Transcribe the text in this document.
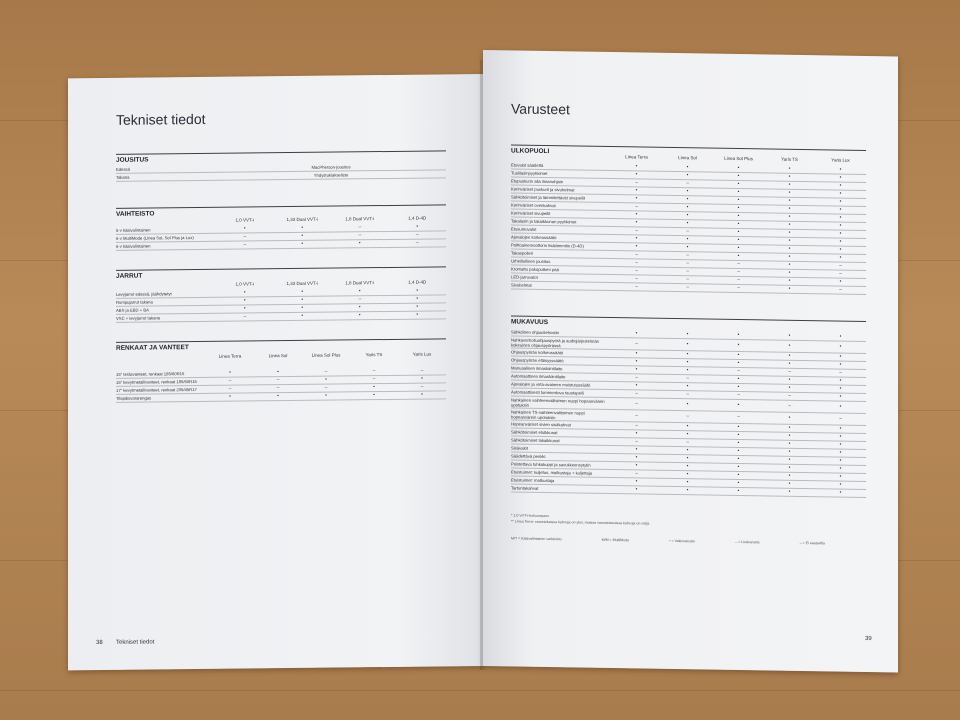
Tekniset tiedot
JOUSITUS
Edessä	MacPherson-jousitus
Takana	Yhdystukiakselisto
VAIHTEISTO
1,0 VVT-i	1,33 Dual VVT-i	1,8 Dual VVT-i	1,4 D-4D
5-v käsivalintainen	•	•	–	•
6-v MultiMode (Linea Sol, Sol Plus ja Lux)	–	•	–	–
6-v käsivalintainen	–	•	•	–
JARRUT
1,0 VVT-i	1,33 Dual VVT-i	1,8 Dual VVT-i	1,4 D-4D
Levyjarrut edessä, jäähdytetyt	•	•	•	•
Rumpujarrut takana	•	•	–	•
ABS ja EBD + BA	•	•	•	•
VSC + levyjarrut takana	–	•	•	•
RENKAAT JA VANTEET
Linea Terra	Linea Sol	Linea Sol Plus	Yaris TS	Yaris Lux
15" teräsvanteet, renkaat 185/60R15	•	•	–	–	–
15" kevytmetallivanteet, renkaat 185/60R15	–	–	•	–	•
17" kevytmetallivanteet, renkaat 205/45R17	–	–	–	•	–
Tilapäisvararengas	•	•	•	•	•
38 Tekniset tiedot
Varusteet
ULKOPUOLI
Linea Terra	Linea Sol	Linea Sol Plus	Yaris TS	Yaris Lux
Etuvalot säädettä	•	•	•	•	•
Tuulilasinpyyhkimet	•	•	•	•	•
Etupuskurin alla ilmanohjain	–	–	•	•	•
Korinväriset puskurit ja sivuhelmat	•	•	•	•	•
Sähkötoimiset ja lämmitettävät sivupeilit	•	•	•	•	•
Korinväriset ovenkahvat	–	•	•	•	•
Korinväriset sivupeilit	•	•	•	•	•
Takalasin ja takaikkunan pyyhkimet	•	•	•	•	•
Etusumuvalot	–	–	•	•	•
Ajovalojen korkeussäätö	•	•	•	•	•
Polttoainemoottorin lisälämmitin (D-4D)	•	•	•	•	•
Takaspoileri	–	–	•	•	•
Urheillullinen jousitus	–	–	–	•	–
Kromattu pakoputken pää	–	–	–	•	–
LED-jarruvalot	–	–	–	•	•
Sivuhelmat	–	–	–	•	–
MUKAVUUS
Sähköinen ohjaustehostin	•	•	•	•	•
Nahkaverhoiluohjauspyörä ja audiojärjestelmän kokeuinen ohjauspyörässä	–	•	•	•	•
Ohjauspyörän korkeussäätö	•	•	•	•	•
Ohjauspyörän etäisyyssäätö	•	•	•	•	•
Manuaalinen ilmastointilaite	•	•	–	–	–
Automaattinen ilmastointilaite	–	–	•	•	•
Ajovalojen ja virta-avaimen muistutussäätö	•	•	•	•	•
Automaattisesti tummentuva taustapeili	–	–	–	–	•
Nahkainen vaihteenvalitsimen nuppi hopeanvärein upotuksin	–	•	•	–	•
Nahkainen TS-vaihteenvalitsimen nuppi hopeanvärein upotuksin	–	–	–	•	–
Hopeanväriset sivien sisäkahvat	–	•	•	•	•
Sähkötoimiset etulkkunat	•	•	•	•	•
Sähkötoimiset takaikkunat	–	–	•	•	•
Sisävalot	•	•	•	•	•
Säädettävä penkki	•	•	•	•	•
Poistettava tuhkakuppi ja savukkeensytytin	•	•	•	•	•
Etuistuimet: kuljetus, matkustaja + kuljettaja	–	•	•	•	•
Etuistuimet: matkustaja	•	•	•	•	•
Tartuntakahvat	•	•	•	•	•
* 1,0 VVT-i-kokoonpano
** Linea Terra- varusteluassa kahvoja on yksi, muissa varustetasoissa kahvoja on neljä.
M/T = Käsivalintainen vaihteisto	M/M = MultiMode	• = Vakiovaruste	– = Lisävaruste	– = Ei saatavilla
39
